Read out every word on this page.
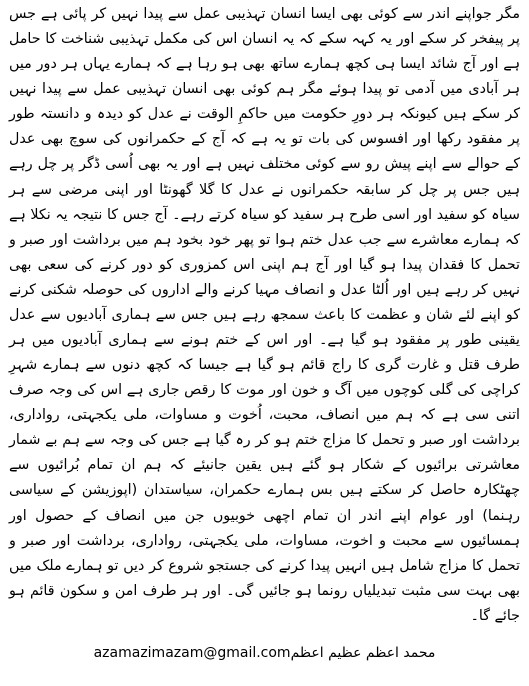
مگر جواپنے اندر سے کوئی بھی ایسا انسان تہذیبی عمل سے پیدا نہیں کر پائی ہے جس پر پیفخر کر سکے اور یہ کہہ سکے کہ یہ انسان اس کی مکمل تہذیبی شناخت کا حامل ہے اور آج شائد ایسا ہی کچھ ہمارے ساتھ بھی ہو رہا ہے کہ ہمارے یہاں ہر دور میں ہر آبادی میں آدمی تو پیدا ہوئے مگر ہم کوئی بھی انسان تہذیبی عمل سے پیدا نہیں کر سکے ہیں کیونکہ ہر دورِ حکومت میں حاکمِ الوقت نے عدل کو دیدہ و دانستہ طور پر مفقود رکھا اور افسوس کی بات تو یہ ہے کہ آج کے حکمرانوں کی سوچ بھی عدل کے حوالے سے اپنے پیش رو سے کوئی مختلف نہیں ہے اور یہ بھی اُسی ڈگر پر چل رہے ہیں جس پر چل کر سابقہ حکمرانوں نے عدل کا گلا گھونٹا اور اپنی مرضی سے ہر سیاہ کو سفید اور اسی طرح ہر سفید کو سیاہ کرتے رہے۔ آج جس کا نتیجہ یہ نکلا ہے کہ ہمارے معاشرے سے جب عدل ختم ہوا تو پھر خود بخود ہم میں برداشت اور صبر و تحمل کا فقدان پیدا ہو گیا اور آج ہم اپنی اس کمزوری کو دور کرنے کی سعی بھی نہیں کر رہے ہیں اور اُلٹا عدل و انصاف مہیا کرنے والے اداروں کی حوصلہ شکنی کرنے کو اپنے لئے شان و عظمت کا باعث سمجھ رہے ہیں جس سے ہماری آبادیوں سے عدل یقینی طور پر مفقود ہو گیا ہے۔ اور اس کے ختم ہونے سے ہماری آبادیوں میں ہر طرف قتل و غارت گری کا راج قائم ہو گیا ہے جیسا کہ کچھ دنوں سے ہمارے شہرِ کراچی کی گلی کوچوں میں آگ و خون اور موت کا رقص جاری ہے اس کی وجہ صرف اتنی سی ہے کہ ہم میں انصاف، محبت، اُخوت و مساوات، ملی یکجہتی، رواداری، برداشت اور صبر و تحمل کا مزاج ختم ہو کر رہ گیا ہے جس کی وجہ سے ہم بے شمار معاشرتی برائیوں کے شکار ہو گئے ہیں یقین جانیئے کہ ہم ان تمام بُرائیوں سے چھٹکارہ حاصل کر سکتے ہیں بس ہمارے حکمران، سیاستدان (اپوزیشن کے سیاسی رہنما) اور عوام اپنے اندر ان تمام اچھی خوبیوں جن میں انصاف کے حصول اور ہمسائیوں سے محبت و اخوت، مساوات، ملی یکجہتی، رواداری، برداشت اور صبر و تحمل کا مزاج شامل ہیں انہیں پیدا کرنے کی جستجو شروع کر دیں تو ہمارے ملک میں بھی بہت سی مثبت تبدیلیاں رونما ہو جائیں گی۔ اور ہر طرف امن و سکون قائم ہو جائے گا۔
azamazimazam@gmail.comمحمد اعظم عظیم اعظم
